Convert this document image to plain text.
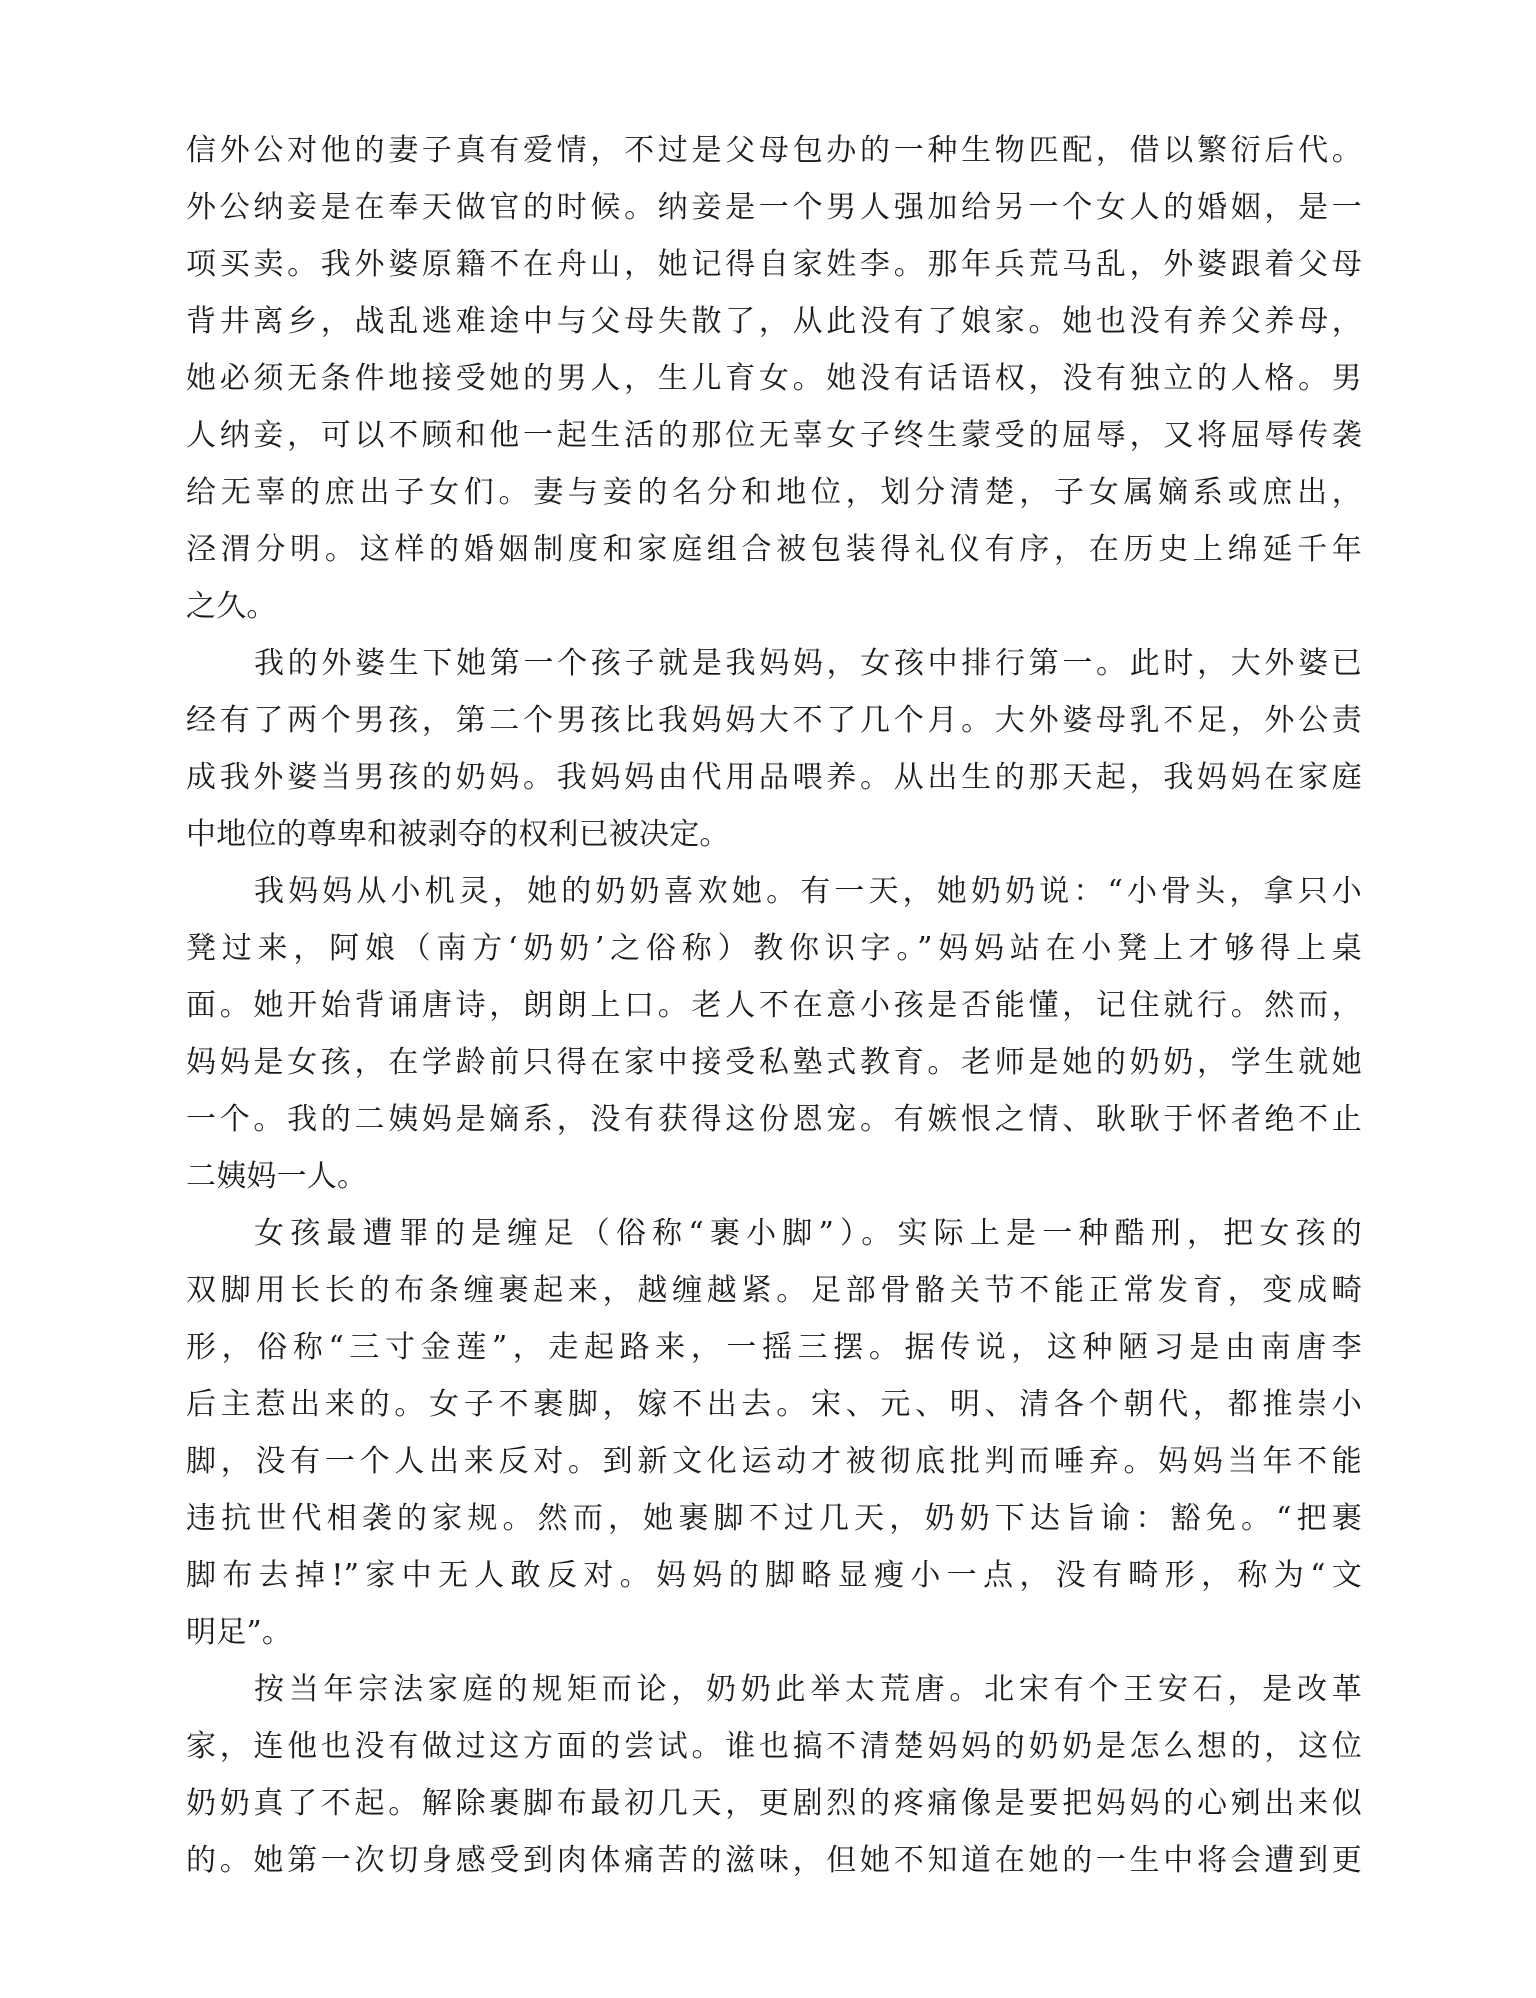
信外公对他的妻子真有爱情，不过是父母包办的一种生物匹配，借以繁衍后代。
外公纳妾是在奉天做官的时候。纳妾是一个男人强加给另一个女人的婚姻，是一
项买卖。我外婆原籍不在舟山，她记得自家姓李。那年兵荒马乱，外婆跟着父母
背井离乡，战乱逃难途中与父母失散了，从此没有了娘家。她也没有养父养母，
她必须无条件地接受她的男人，生儿育女。她没有话语权，没有独立的人格。男
人纳妾，可以不顾和他一起生活的那位无辜女子终生蒙受的屈辱，又将屈辱传袭
给无辜的庶出子女们。妻与妾的名分和地位，划分清楚，子女属嫡系或庶出，
泾渭分明。这样的婚姻制度和家庭组合被包装得礼仪有序，在历史上绵延千年
之久。
我的外婆生下她第一个孩子就是我妈妈，女孩中排行第一。此时，大外婆已
经有了两个男孩，第二个男孩比我妈妈大不了几个月。大外婆母乳不足，外公责
成我外婆当男孩的奶妈。我妈妈由代用品喂养。从出生的那天起，我妈妈在家庭
中地位的尊卑和被剥夺的权利已被决定。
我妈妈从小机灵，她的奶奶喜欢她。有一天，她奶奶说：“小骨头，拿只小
凳过来，阿娘（南方‘奶奶’之俗称）教你识字。”妈妈站在小凳上才够得上桌
面。她开始背诵唐诗，朗朗上口。老人不在意小孩是否能懂，记住就行。然而，
妈妈是女孩，在学龄前只得在家中接受私塾式教育。老师是她的奶奶，学生就她
一个。我的二姨妈是嫡系，没有获得这份恩宠。有嫉恨之情、耿耿于怀者绝不止
二姨妈一人。
女孩最遭罪的是缠足（俗称“裹小脚”）。实际上是一种酷刑，把女孩的
双脚用长长的布条缠裹起来，越缠越紧。足部骨骼关节不能正常发育，变成畸
形，俗称“三寸金莲”，走起路来，一摇三摆。据传说，这种陋习是由南唐李
后主惹出来的。女子不裹脚，嫁不出去。宋、元、明、清各个朝代，都推崇小
脚，没有一个人出来反对。到新文化运动才被彻底批判而唾弃。妈妈当年不能
违抗世代相袭的家规。然而，她裹脚不过几天，奶奶下达旨谕：豁免。“把裹
脚布去掉!”家中无人敢反对。妈妈的脚略显瘦小一点，没有畸形，称为“文
明足”。
按当年宗法家庭的规矩而论，奶奶此举太荒唐。北宋有个王安石，是改革
家，连他也没有做过这方面的尝试。谁也搞不清楚妈妈的奶奶是怎么想的，这位
奶奶真了不起。解除裹脚布最初几天，更剧烈的疼痛像是要把妈妈的心剜出来似
的。她第一次切身感受到肉体痛苦的滋味，但她不知道在她的一生中将会遭到更
